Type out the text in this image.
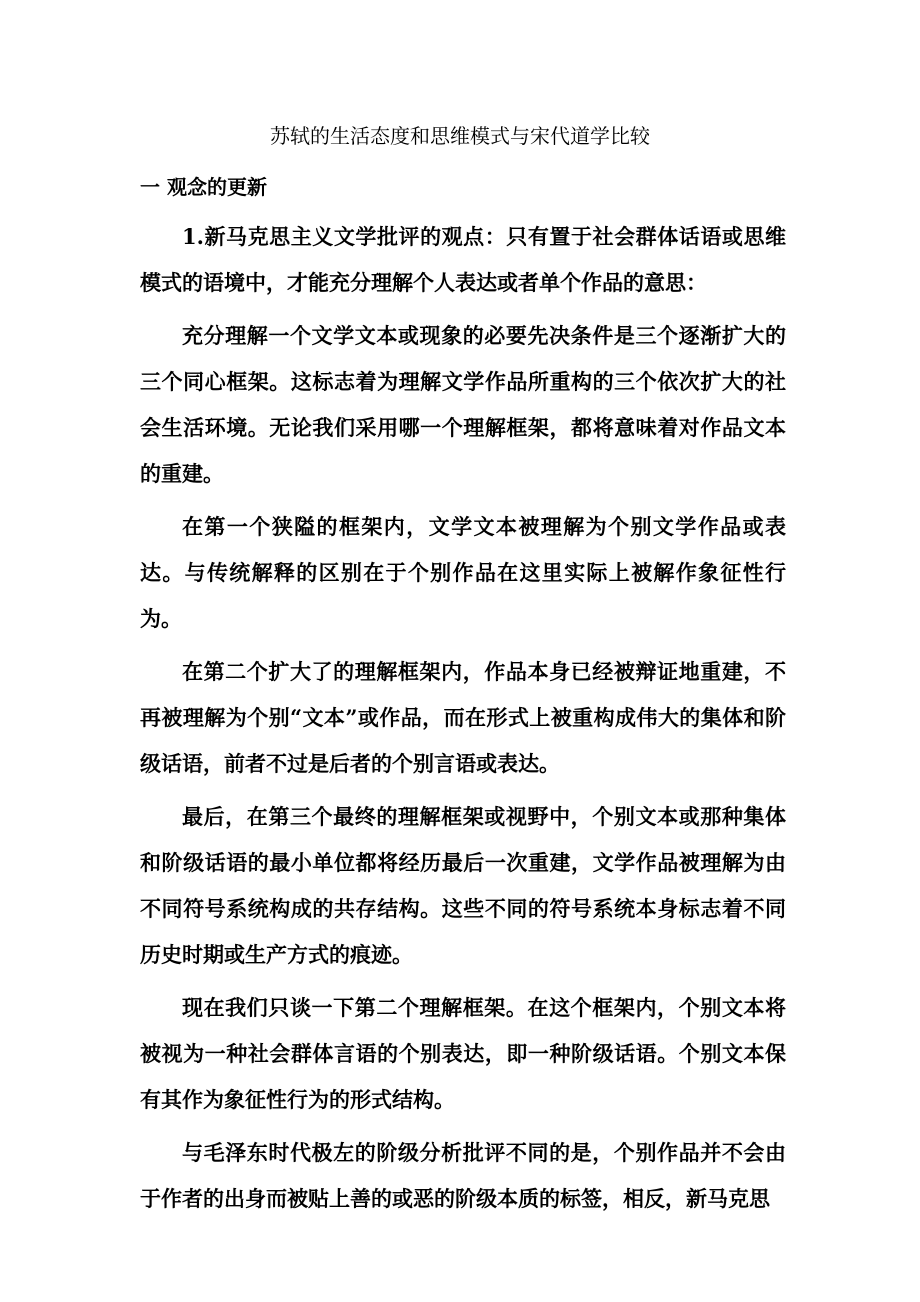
苏轼的生活态度和思维模式与宋代道学比较
一 观念的更新

1.新马克思主义文学批评的观点：只有置于社会群体话语或思维模式的语境中，才能充分理解个人表达或者单个作品的意思：

充分理解一个文学文本或现象的必要先决条件是三个逐渐扩大的三个同心框架。这标志着为理解文学作品所重构的三个依次扩大的社会生活环境。无论我们采用哪一个理解框架，都将意味着对作品文本的重建。

在第一个狭隘的框架内，文学文本被理解为个别文学作品或表达。与传统解释的区别在于个别作品在这里实际上被解作象征性行为。

在第二个扩大了的理解框架内，作品本身已经被辩证地重建，不再被理解为个别“文本”或作品，而在形式上被重构成伟大的集体和阶级话语，前者不过是后者的个别言语或表达。

最后，在第三个最终的理解框架或视野中，个别文本或那种集体和阶级话语的最小单位都将经历最后一次重建，文学作品被理解为由不同符号系统构成的共存结构。这些不同的符号系统本身标志着不同历史时期或生产方式的痕迹。

现在我们只谈一下第二个理解框架。在这个框架内，个别文本将被视为一种社会群体言语的个别表达，即一种阶级话语。个别文本保有其作为象征性行为的形式结构。

与毛泽东时代极左的阶级分析批评不同的是，个别作品并不会由于作者的出身而被贴上善的或恶的阶级本质的标签，相反，新马克思
